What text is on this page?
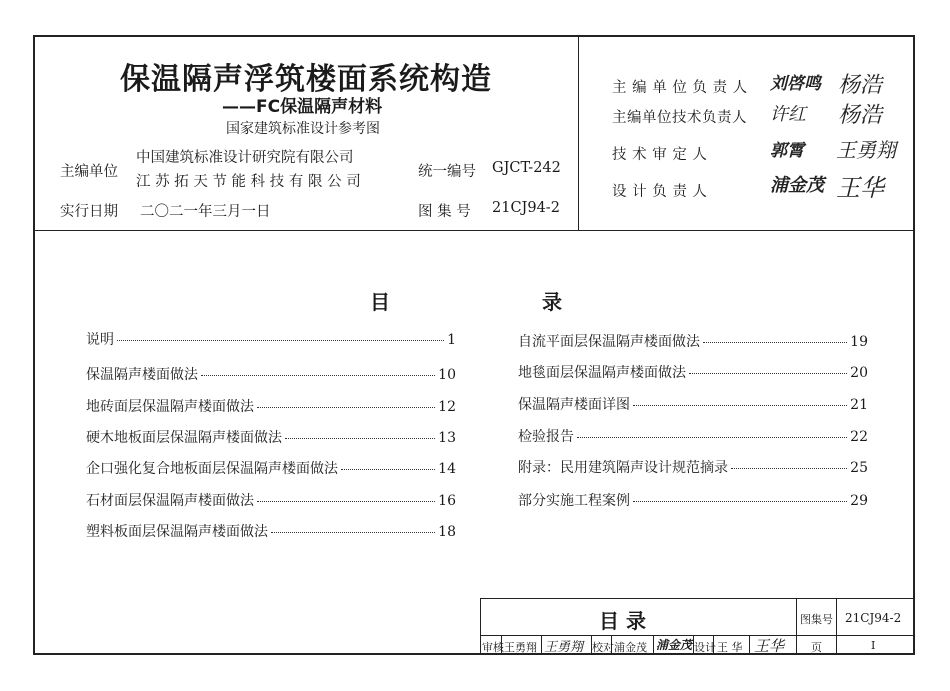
保温隔声浮筑楼面系统构造
——FC保温隔声材料
国家建筑标准设计参考图
主编单位
中国建筑标准设计研究院有限公司
江 苏 拓 天 节 能 科 技 有 限 公 司
统一编号 GJCT-242
实行日期 二〇二一年三月一日	图 集 号 21CJ94-2
主 编 单 位 负 责 人 刘啓鸣 杨浩
主编单位技术负责人 许红 杨浩
技 术 审 定 人	郭霄 王勇翔
设 计 负 责 人	浦金茂 王华
目	录
说明	1
保温隔声楼面做法	10
地砖面层保温隔声楼面做法	12
硬木地板面层保温隔声楼面做法	13
企口强化复合地板面层保温隔声楼面做法	14
石材面层保温隔声楼面做法	16
塑料板面层保温隔声楼面做法	18
自流平面层保温隔声楼面做法	19
地毯面层保温隔声楼面做法	20
保温隔声楼面详图	21
检验报告	22
附录：民用建筑隔声设计规范摘录	25
部分实施工程案例	29
目 录	图集号 21CJ94-2
审核 王勇翔 王勇翔 校对 浦金茂 浦金茂 设计 王 华 王华 页	I
